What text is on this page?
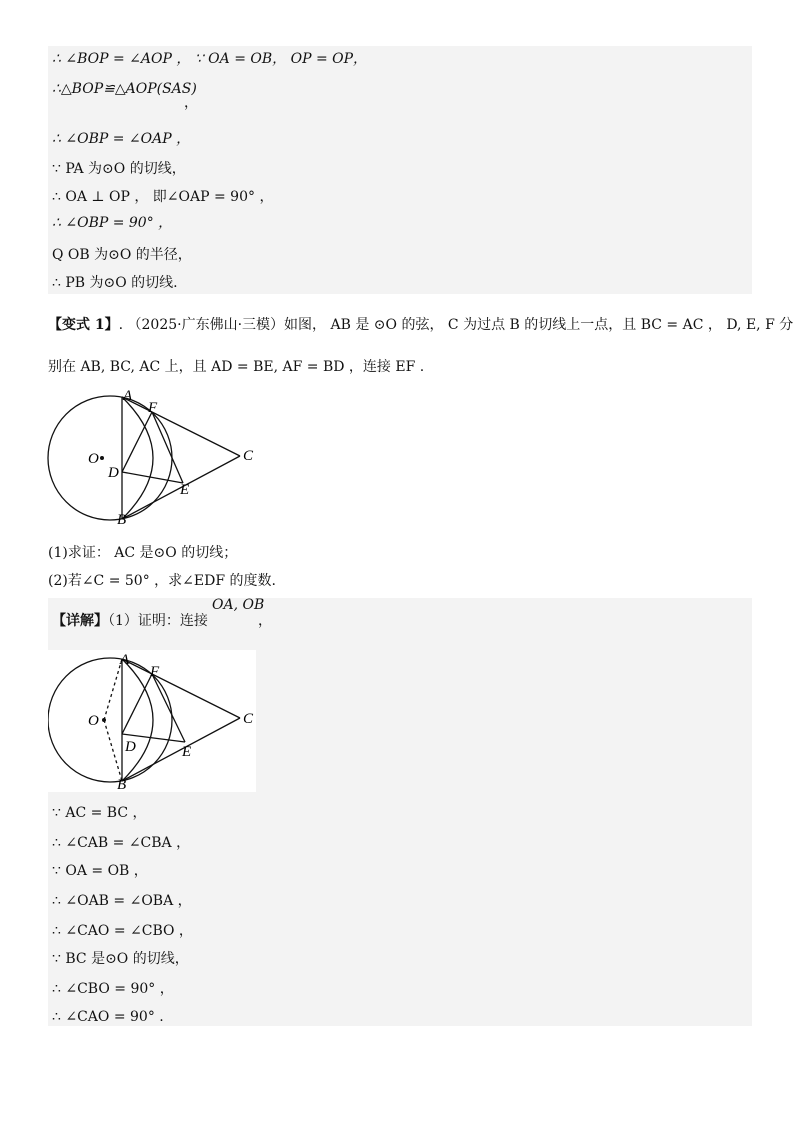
∴ ∠BOP = ∠AOP ， ∵ OA = OB， OP = OP，
∴△BOP≌△AOP(SAS)
，
∴ ∠OBP = ∠OAP ，
∵ PA 为⊙O 的切线，
∴ OA ⊥ OP ， 即∠OAP = 90° ，
∴ ∠OBP = 90° ，
Q OB 为⊙O 的半径，
∴ PB 为⊙O 的切线.
【变式 1】. （2025·广东佛山·三模）如图， AB 是 ⊙O 的弦， C 为过点 B 的切线上一点，且 BC = AC ， D, E, F 分
别在 AB, BC, AC 上，且 AD = BE, AF = BD ，连接 EF .
A
B
C
D
E
F
O
(1)求证： AC 是⊙O 的切线；
(2)若∠C = 50° ，求∠EDF 的度数.
【详解】（1）证明：连接
OA, OB
，
A
B
C
D	E
F
O
∵ AC = BC ，
∴ ∠CAB = ∠CBA ，
∵ OA = OB ，
∴ ∠OAB = ∠OBA ，
∴ ∠CAO = ∠CBO ，
∵ BC 是⊙O 的切线，
∴ ∠CBO = 90° ，
∴ ∠CAO = 90° .
